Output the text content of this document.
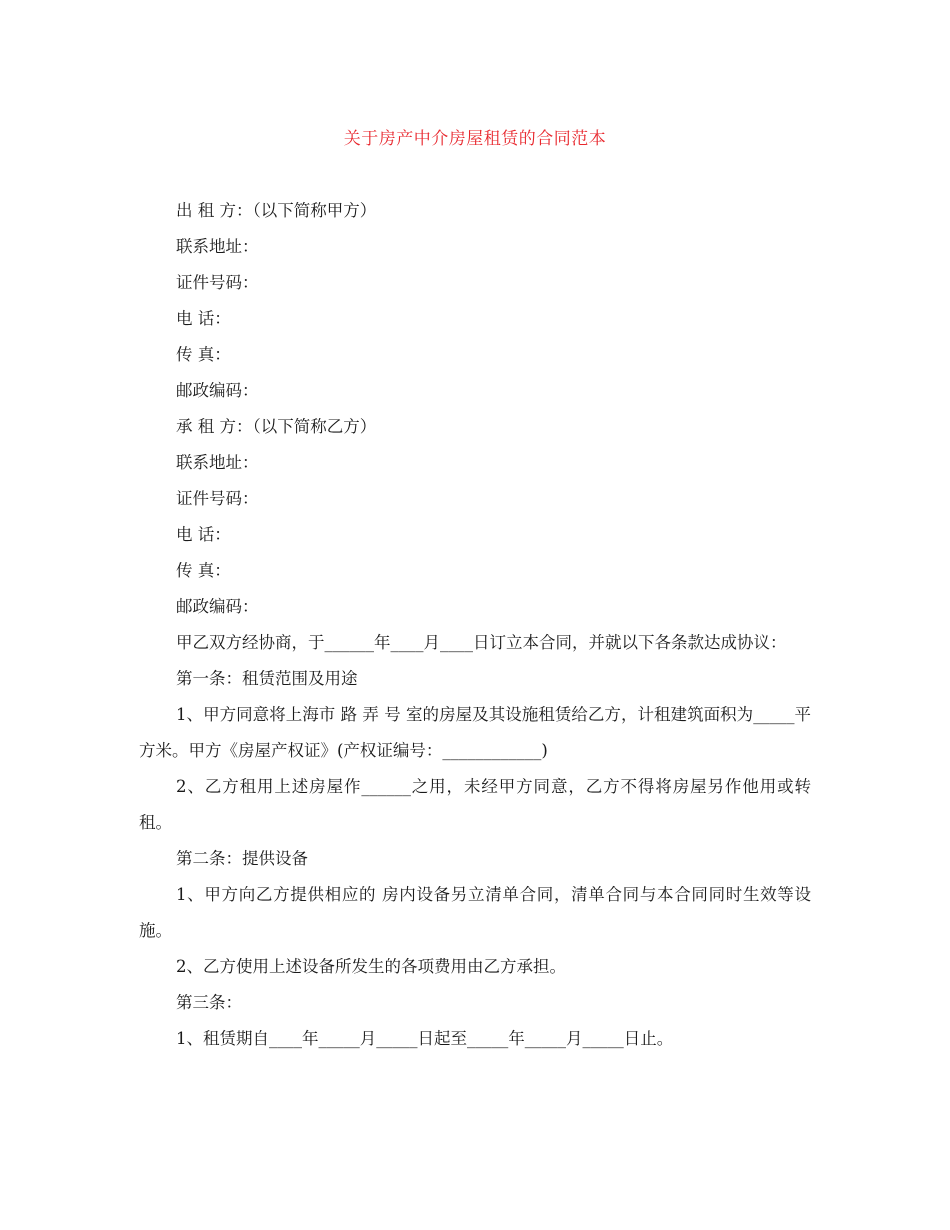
关于房产中介房屋租赁的合同范本

出 租 方：（以下简称甲方）

联系地址：

证件号码：

电 话：

传 真：

邮政编码：

承 租 方：（以下简称乙方）

联系地址：

证件号码：

电 话：

传 真：

邮政编码：

甲乙双方经协商，于______年____月____日订立本合同，并就以下各条款达成协议：

第一条：租赁范围及用途

1、甲方同意将上海市 路 弄 号 室的房屋及其设施租赁给乙方，计租建筑面积为_____平方米。甲方《房屋产权证》(产权证编号：____________)

2、乙方租用上述房屋作______之用，未经甲方同意，乙方不得将房屋另作他用或转租。

第二条：提供设备

1、甲方向乙方提供相应的 房内设备另立清单合同，清单合同与本合同同时生效等设施。

2、乙方使用上述设备所发生的各项费用由乙方承担。

第三条：

1、租赁期自____年_____月_____日起至_____年_____月_____日止。
